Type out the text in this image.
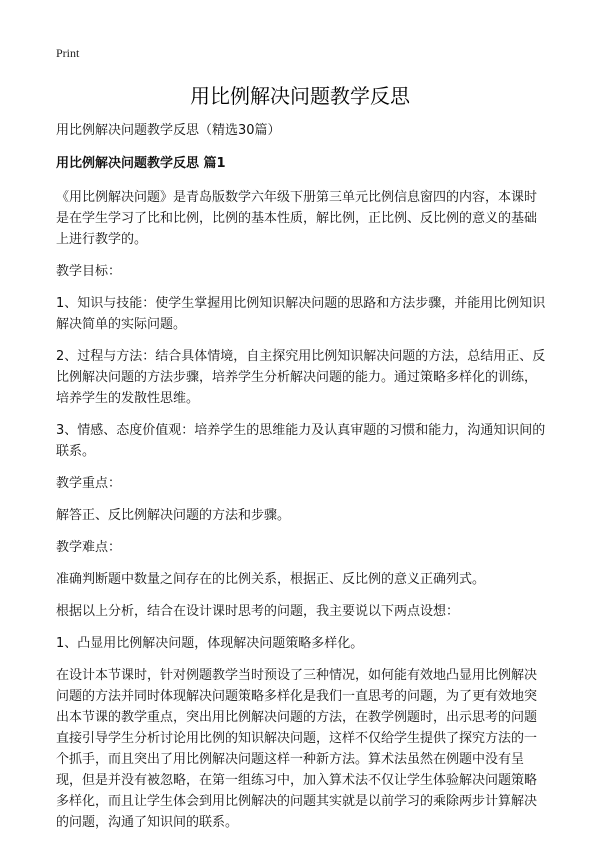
Print
用比例解决问题教学反思

用比例解决问题教学反思（精选30篇）

用比例解决问题教学反思 篇1

《用比例解决问题》是青岛版数学六年级下册第三单元比例信息窗四的内容，本课时是在学生学习了比和比例，比例的基本性质，解比例，正比例、反比例的意义的基础上进行教学的。

教学目标：

1、知识与技能：使学生掌握用比例知识解决问题的思路和方法步骤，并能用比例知识解决简单的实际问题。

2、过程与方法：结合具体情境，自主探究用比例知识解决问题的方法，总结用正、反比例解决问题的方法步骤，培养学生分析解决问题的能力。通过策略多样化的训练，培养学生的发散性思维。

3、情感、态度价值观：培养学生的思维能力及认真审题的习惯和能力，沟通知识间的联系。

教学重点：

解答正、反比例解决问题的方法和步骤。

教学难点：

准确判断题中数量之间存在的比例关系，根据正、反比例的意义正确列式。

根据以上分析，结合在设计课时思考的问题，我主要说以下两点设想：

1、凸显用比例解决问题，体现解决问题策略多样化。

在设计本节课时，针对例题教学当时预设了三种情况，如何能有效地凸显用比例解决问题的方法并同时体现解决问题策略多样化是我们一直思考的问题，为了更有效地突出本节课的教学重点，突出用比例解决问题的方法，在教学例题时，出示思考的问题直接引导学生分析讨论用比例的知识解决问题，这样不仅给学生提供了探究方法的一个抓手，而且突出了用比例解决问题这样一种新方法。算术法虽然在例题中没有呈现，但是并没有被忽略，在第一组练习中，加入算术法不仅让学生体验解决问题策略多样化，而且让学生体会到用比例解决的问题其实就是以前学习的乘除两步计算解决的问题，沟通了知识间的联系。
